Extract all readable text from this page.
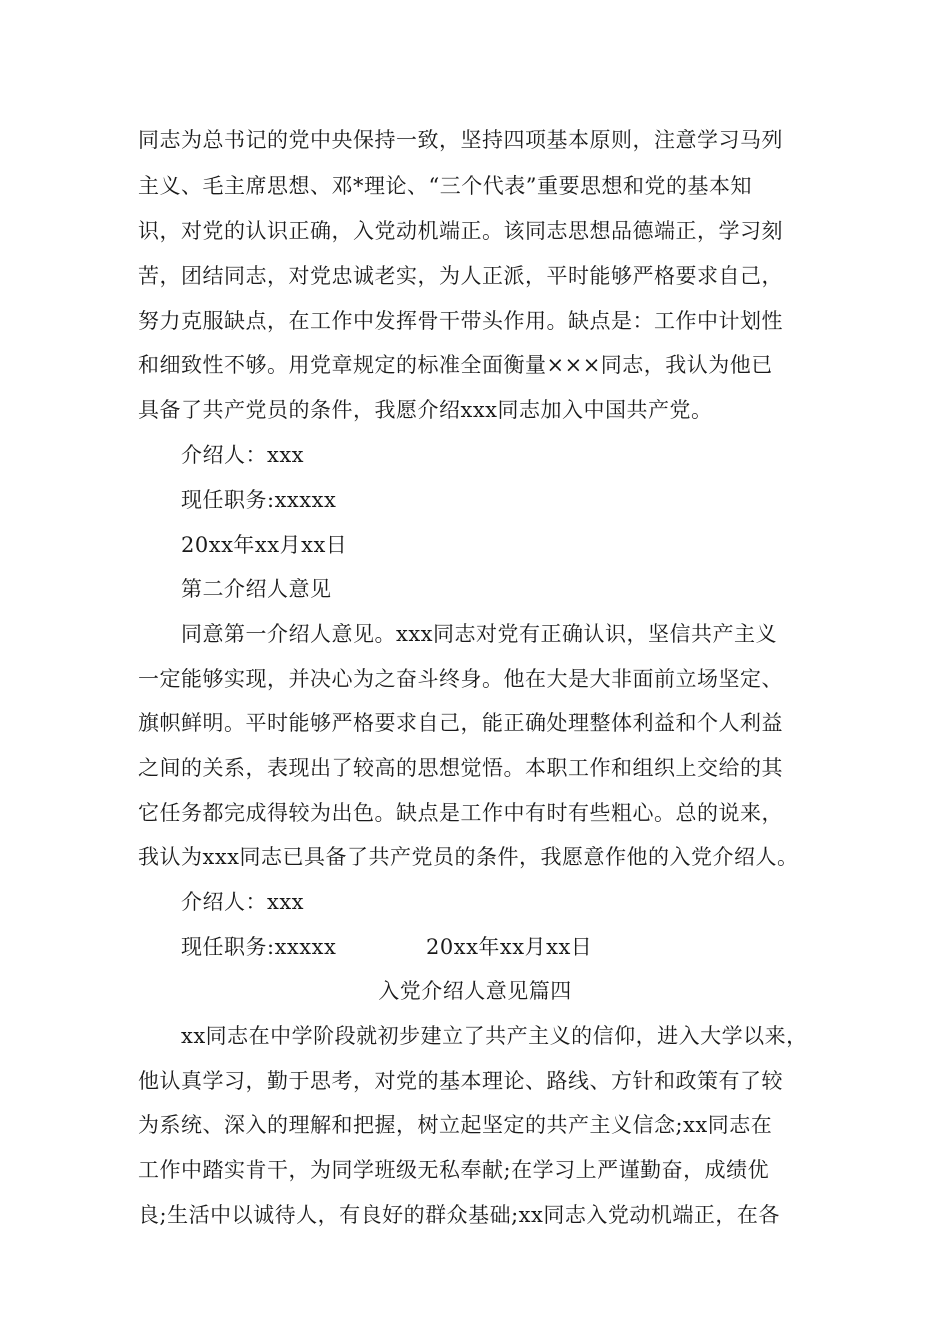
同志为总书记的党中央保持一致，坚持四项基本原则，注意学习马列
主义、毛主席思想、邓*理论、“三个代表”重要思想和党的基本知
识，对党的认识正确，入党动机端正。该同志思想品德端正，学习刻
苦，团结同志，对党忠诚老实，为人正派，平时能够严格要求自己，
努力克服缺点，在工作中发挥骨干带头作用。缺点是：工作中计划性
和细致性不够。用党章规定的标准全面衡量×××同志，我认为他已
具备了共产党员的条件，我愿介绍xxx同志加入中国共产党。
介绍人：xxx
现任职务:xxxxx
20xx年xx月xx日
第二介绍人意见
同意第一介绍人意见。xxx同志对党有正确认识，坚信共产主义
一定能够实现，并决心为之奋斗终身。他在大是大非面前立场坚定、
旗帜鲜明。平时能够严格要求自己，能正确处理整体利益和个人利益
之间的关系，表现出了较高的思想觉悟。本职工作和组织上交给的其
它任务都完成得较为出色。缺点是工作中有时有些粗心。总的说来，
我认为xxx同志已具备了共产党员的条件，我愿意作他的入党介绍人。
介绍人：xxx
现任职务:xxxxx	20xx年xx月xx日
入党介绍人意见篇四
xx同志在中学阶段就初步建立了共产主义的信仰，进入大学以来，
他认真学习，勤于思考，对党的基本理论、路线、方针和政策有了较
为系统、深入的理解和把握，树立起坚定的共产主义信念;xx同志在
工作中踏实肯干，为同学班级无私奉献;在学习上严谨勤奋，成绩优
良;生活中以诚待人，有良好的群众基础;xx同志入党动机端正，在各
